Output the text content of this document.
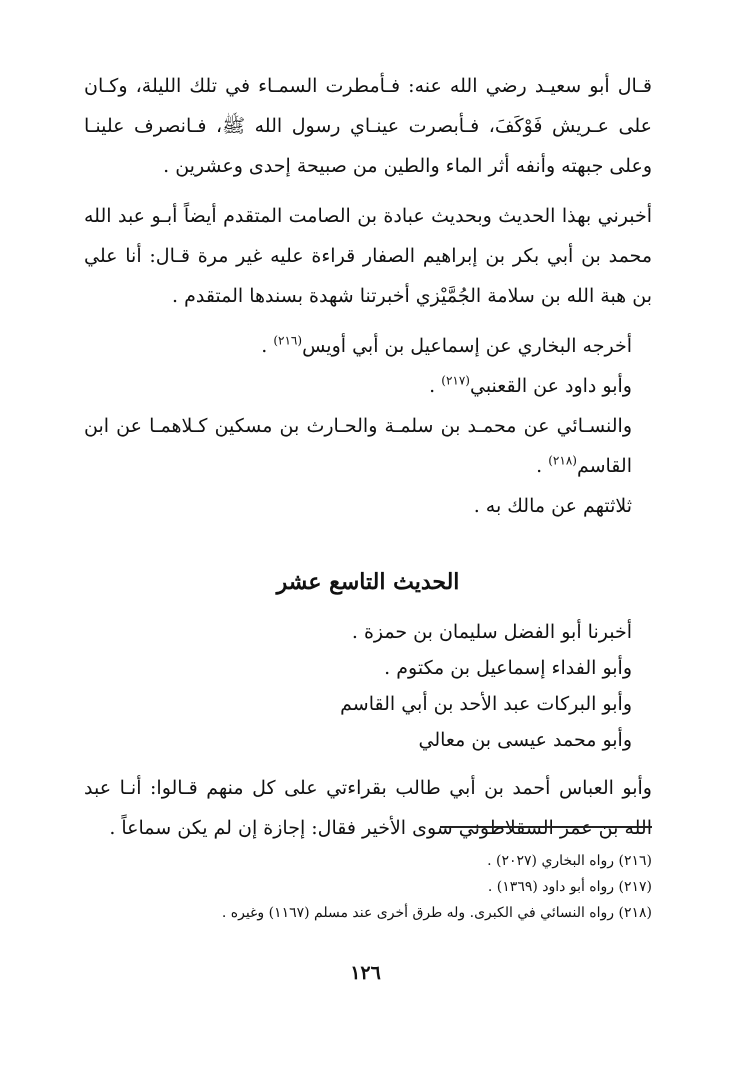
قـال أبو سعيـد رضي الله عنه: فـأمطرت السمـاء في تلك الليلة، وكـان على عـريش فَوْكَفَ، فـأبصرت عينـاي رسول الله ﷺ، فـانصرف علينـا وعلى جبهته وأنفه أثر الماء والطين من صبيحة إحدى وعشرين .

أخبرني بهذا الحديث وبحديث عبادة بن الصامت المتقدم أيضاً أبـو عبد الله محمد بن أبي بكر بن إبراهيم الصفار قراءة عليه غير مرة قـال: أنا علي بن هبة الله بن سلامة الجُمَّيْزي أخبرتنا شهدة بسندها المتقدم .

أخرجه البخاري عن إسماعيل بن أبي أويس$^{(٢١٦)}$ .

وأبو داود عن القعنبي$^{(٢١٧)}$ .

والنسـائي عن محمـد بن سلمـة والحـارث بن مسكين كـلاهمـا عن ابن القاسم$^{(٢١٨)}$ .

ثلاثتهم عن مالك به .

الحديث التاسع عشر

أخبرنا أبو الفضل سليمان بن حمزة .

وأبو الفداء إسماعيل بن مكتوم .

وأبو البركات عبد الأحد بن أبي القاسم

وأبو محمد عيسى بن معالي

وأبو العباس أحمد بن أبي طالب بقراءتي على كل منهم قـالوا: أنـا عبد الله بن عمر السقلاطوني سوى الأخير فقال: إجازة إن لم يكن سماعاً .

(٢١٦) رواه البخاري (٢٠٢٧) .

(٢١٧) رواه أبو داود (١٣٦٩) .

(٢١٨) رواه النسائي في الكبرى. وله طرق أخرى عند مسلم (١١٦٧) وغيره .

١٢٦
